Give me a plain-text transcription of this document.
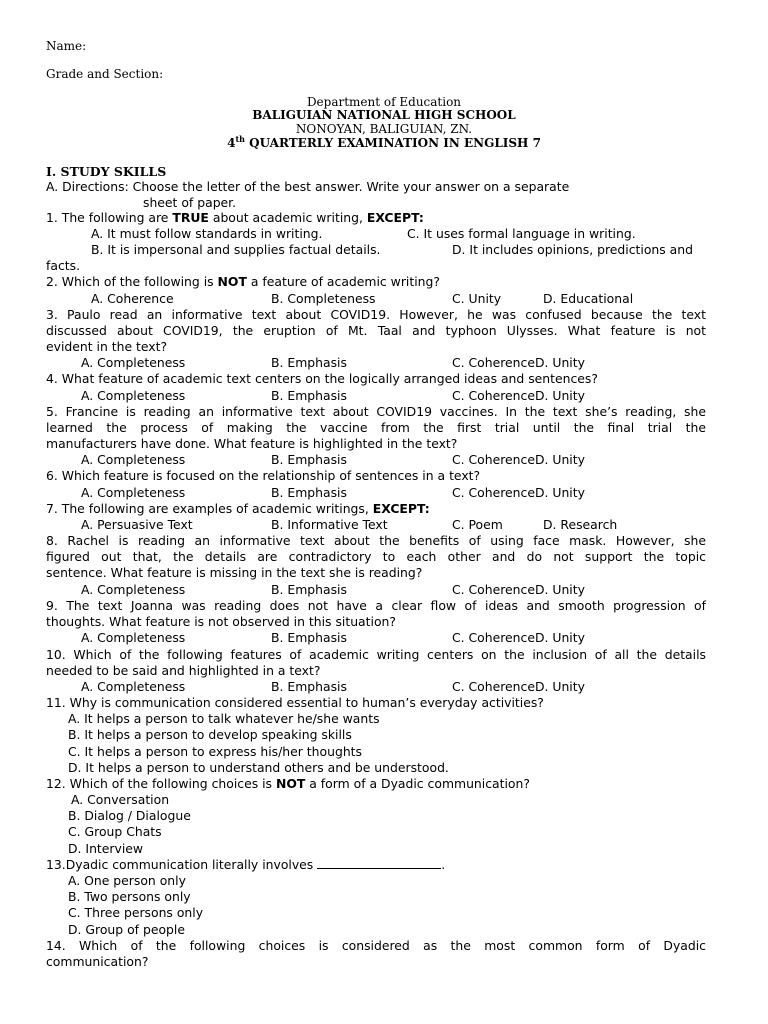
Name:
Grade and Section:
Department of Education
BALIGUIAN NATIONAL HIGH SCHOOL
NONOYAN, BALIGUIAN, ZN.
4th QUARTERLY EXAMINATION IN ENGLISH 7
I. STUDY SKILLS
A. Directions: Choose the letter of the best answer. Write your answer on a separate
sheet of paper.
1. The following are TRUE about academic writing, EXCEPT:
A. It must follow standards in writing.	C. It uses formal language in writing.
B. It is impersonal and supplies factual details.	D. It includes opinions, predictions and
facts.
2. Which of the following is NOT a feature of academic writing?
A. Coherence	B. Completeness	C. Unity	D. Educational
3. Paulo read an informative text about COVID19. However, he was confused because the text
discussed about COVID19, the eruption of Mt. Taal and typhoon Ulysses. What feature is not
evident in the text?
A. Completeness	B. Emphasis	C. CoherenceD. Unity
4. What feature of academic text centers on the logically arranged ideas and sentences?
A. Completeness	B. Emphasis	C. CoherenceD. Unity
5. Francine is reading an informative text about COVID19 vaccines. In the text she’s reading, she
learned the process of making the vaccine from the first trial until the final trial the
manufacturers have done. What feature is highlighted in the text?
A. Completeness	B. Emphasis	C. CoherenceD. Unity
6. Which feature is focused on the relationship of sentences in a text?
A. Completeness	B. Emphasis	C. CoherenceD. Unity
7. The following are examples of academic writings, EXCEPT:
A. Persuasive Text	B. Informative Text	C. Poem	D. Research
8. Rachel is reading an informative text about the benefits of using face mask. However, she
figured out that, the details are contradictory to each other and do not support the topic
sentence. What feature is missing in the text she is reading?
A. Completeness	B. Emphasis	C. CoherenceD. Unity
9. The text Joanna was reading does not have a clear flow of ideas and smooth progression of
thoughts. What feature is not observed in this situation?
A. Completeness	B. Emphasis	C. CoherenceD. Unity
10. Which of the following features of academic writing centers on the inclusion of all the details
needed to be said and highlighted in a text?
A. Completeness	B. Emphasis	C. CoherenceD. Unity
11. Why is communication considered essential to human’s everyday activities?
A. It helps a person to talk whatever he/she wants
B. It helps a person to develop speaking skills
C. It helps a person to express his/her thoughts
D. It helps a person to understand others and be understood.
12. Which of the following choices is NOT a form of a Dyadic communication?
A. Conversation
B. Dialog / Dialogue
C. Group Chats
D. Interview
13.Dyadic communication literally involves	.
A. One person only
B. Two persons only
C. Three persons only
D. Group of people
14.  Which  of  the  following  choices  is  considered  as  the  most  common  form  of  Dyadic
communication?
